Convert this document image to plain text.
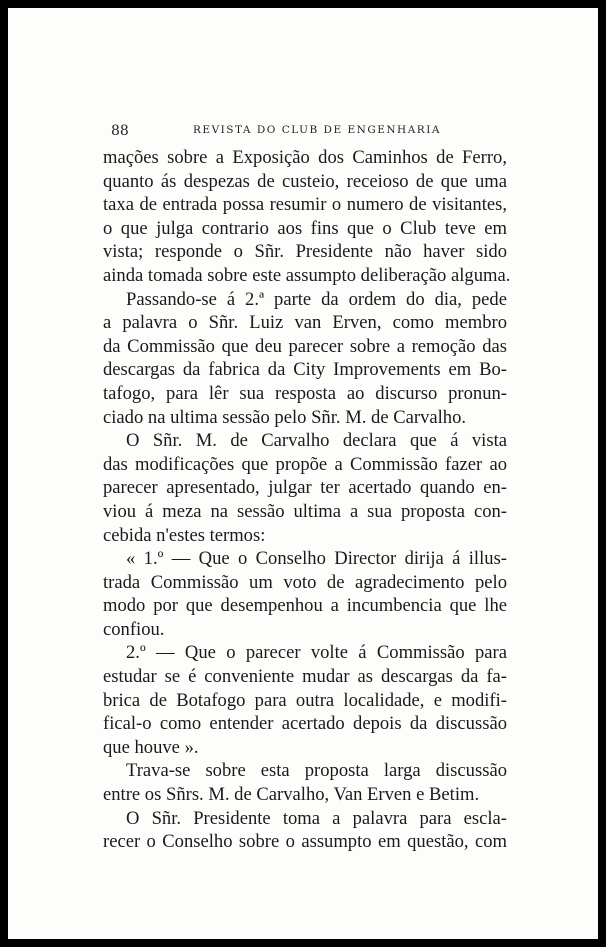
88	REVISTA DO CLUB DE ENGENHARIA
mações sobre a Exposição dos Caminhos de Ferro,
quanto ás despezas de custeio, receioso de que uma
taxa de entrada possa resumir o numero de visitantes,
o que julga contrario aos fins que o Club teve em
vista; responde o Sñr. Presidente não haver sido
ainda tomada sobre este assumpto deliberação alguma.
Passando-se á 2.ª parte da ordem do dia, pede
a palavra o Sñr. Luiz van Erven, como membro
da Commissão que deu parecer sobre a remoção das
descargas da fabrica da City Improvements em Bo-
tafogo, para lêr sua resposta ao discurso pronun-
ciado na ultima sessão pelo Sñr. M. de Carvalho.
O Sñr. M. de Carvalho declara que á vista
das modificações que propõe a Commissão fazer ao
parecer apresentado, julgar ter acertado quando en-
viou á meza na sessão ultima a sua proposta con-
cebida n'estes termos:
« 1.º — Que o Conselho Director dirija á illus-
trada Commissão um voto de agradecimento pelo
modo por que desempenhou a incumbencia que lhe
confiou.
2.º — Que o parecer volte á Commissão para
estudar se é conveniente mudar as descargas da fa-
brica de Botafogo para outra localidade, e modifi-
fical-o como entender acertado depois da discussão
que houve ».
Trava-se sobre esta proposta larga discussão
entre os Sñrs. M. de Carvalho, Van Erven e Betim.
O Sñr. Presidente toma a palavra para escla-
recer o Conselho sobre o assumpto em questão, com
